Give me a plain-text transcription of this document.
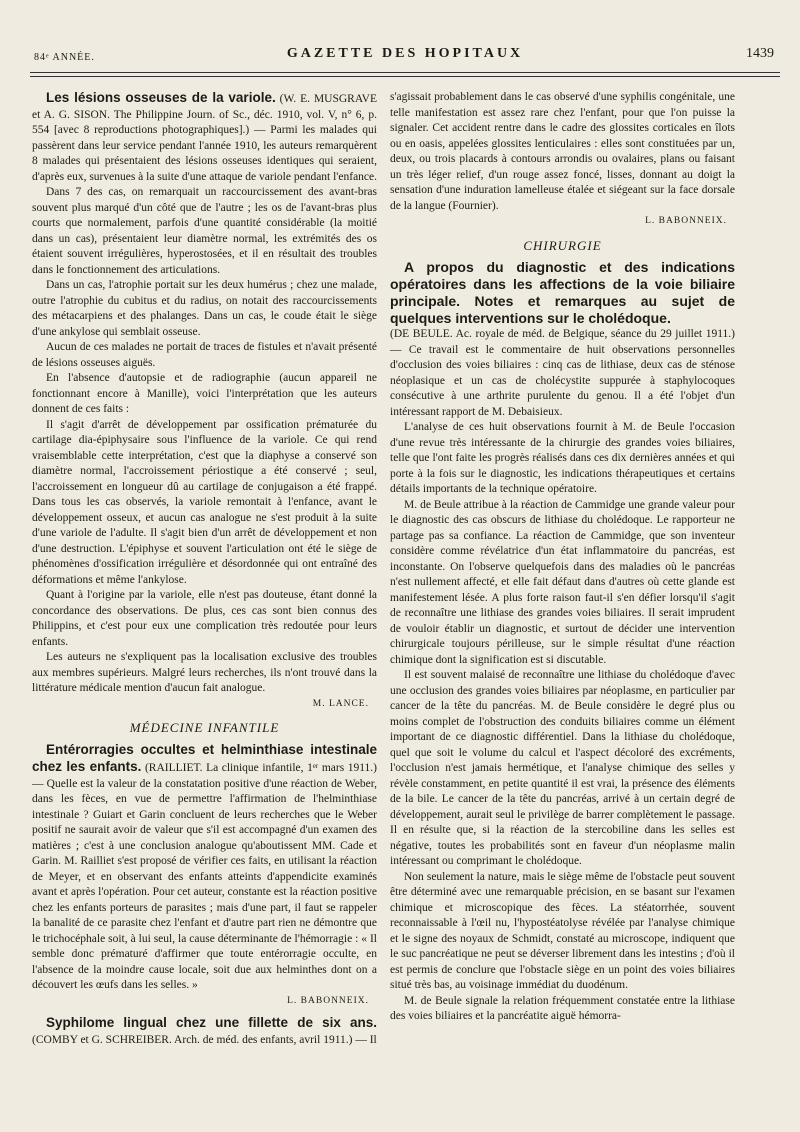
84ᵉ ANNÉE.	GAZETTE DES HOPITAUX	1439

Les lésions osseuses de la variole. (W. E. MUSGRAVE et A. G. SISON. The Philippine Journ. of Sc., déc. 1910, vol. V, n° 6, p. 554 [avec 8 reproductions photographiques].) — Parmi les malades qui passèrent dans leur service pendant l'année 1910, les auteurs remarquèrent 8 malades qui présentaient des lésions osseuses identiques qui seraient, d'après eux, survenues à la suite d'une attaque de variole pendant l'enfance.

Dans 7 des cas, on remarquait un raccourcissement des avant-bras souvent plus marqué d'un côté que de l'autre ; les os de l'avant-bras plus courts que normalement, parfois d'une quantité considérable (la moitié dans un cas), présentaient leur diamètre normal, les extrémités des os étaient souvent irrégulières, hyperostosées, et il en résultait des troubles dans le fonctionnement des articulations.

Dans un cas, l'atrophie portait sur les deux humérus ; chez une malade, outre l'atrophie du cubitus et du radius, on notait des raccourcissements des métacarpiens et des phalanges. Dans un cas, le coude était le siège d'une ankylose qui semblait osseuse.

Aucun de ces malades ne portait de traces de fistules et n'avait présenté de lésions osseuses aiguës.

En l'absence d'autopsie et de radiographie (aucun appareil ne fonctionnant encore à Manille), voici l'interprétation que les auteurs donnent de ces faits :

Il s'agit d'arrêt de développement par ossification prématurée du cartilage dia-épiphysaire sous l'influence de la variole. Ce qui rend vraisemblable cette interprétation, c'est que la diaphyse a conservé son diamètre normal, l'accroissement périostique a été conservé ; seul, l'accroissement en longueur dû au cartilage de conjugaison a été frappé. Dans tous les cas observés, la variole remontait à l'enfance, avant le développement osseux, et aucun cas analogue ne s'est produit à la suite d'une variole de l'adulte. Il s'agit bien d'un arrêt de développement et non d'une destruction. L'épiphyse et souvent l'articulation ont été le siège de phénomènes d'ossification irrégulière et désordonnée qui ont entraîné des déformations et même l'ankylose.

Quant à l'origine par la variole, elle n'est pas douteuse, étant donné la concordance des observations. De plus, ces cas sont bien connus des Philippins, et c'est pour eux une complication très redoutée pour leurs enfants.

Les auteurs ne s'expliquent pas la localisation exclusive des troubles aux membres supérieurs. Malgré leurs recherches, ils n'ont trouvé dans la littérature médicale mention d'aucun fait analogue.

M. LANCE.
MÉDECINE INFANTILE

Entérorragies occultes et helminthiase intestinale chez les enfants. (RAILLIET. La clinique infantile, 1ᵉʳ mars 1911.) — Quelle est la valeur de la constatation positive d'une réaction de Weber, dans les fèces, en vue de permettre l'affirmation de l'helminthiase intestinale ? Guiart et Garin concluent de leurs recherches que le Weber positif ne saurait avoir de valeur que s'il est accompagné d'un examen des matières ; c'est à une conclusion analogue qu'aboutissent MM. Cade et Garin. M. Railliet s'est proposé de vérifier ces faits, en utilisant la réaction de Meyer, et en observant des enfants atteints d'appendicite examinés avant et après l'opération. Pour cet auteur, constante est la réaction positive chez les enfants porteurs de parasites ; mais d'une part, il faut se rappeler la banalité de ce parasite chez l'enfant et d'autre part rien ne démontre que le trichocéphale soit, à lui seul, la cause déterminante de l'hémorragie : « Il semble donc prématuré d'affirmer que toute entérorragie occulte, en l'absence de la moindre cause locale, soit due aux helminthes dont on a découvert les œufs dans les selles. »

L. BABONNEIX.

Syphilome lingual chez une fillette de six ans. (COMBY et G. SCHREIBER. Arch. de méd. des enfants, avril 1911.) — Il

s'agissait probablement dans le cas observé d'une syphilis congénitale, une telle manifestation est assez rare chez l'enfant, pour que l'on puisse la signaler. Cet accident rentre dans le cadre des glossites corticales en îlots ou en oasis, appelées glossites lenticulaires : elles sont constituées par un, deux, ou trois placards à contours arrondis ou ovalaires, plans ou faisant un très léger relief, d'un rouge assez foncé, lisses, donnant au doigt la sensation d'une induration lamelleuse étalée et siégeant sur la face dorsale de la langue (Fournier).

L. BABONNEIX.
CHIRURGIE

A propos du diagnostic et des indications opératoires dans les affections de la voie biliaire principale. Notes et remarques au sujet de quelques interventions sur le cholédoque.

(DE BEULE. Ac. royale de méd. de Belgique, séance du 29 juillet 1911.) — Ce travail est le commentaire de huit observations personnelles d'occlusion des voies biliaires : cinq cas de lithiase, deux cas de sténose néoplasique et un cas de cholécystite suppurée à staphylocoques consécutive à une arthrite purulente du genou. Il a été l'objet d'un intéressant rapport de M. Debaisieux.

L'analyse de ces huit observations fournit à M. de Beule l'occasion d'une revue très intéressante de la chirurgie des grandes voies biliaires, telle que l'ont faite les progrès réalisés dans ces dix dernières années et qui porte à la fois sur le diagnostic, les indications thérapeutiques et certains détails importants de la technique opératoire.

M. de Beule attribue à la réaction de Cammidge une grande valeur pour le diagnostic des cas obscurs de lithiase du cholédoque. Le rapporteur ne partage pas sa confiance. La réaction de Cammidge, que son inventeur considère comme révélatrice d'un état inflammatoire du pancréas, est inconstante. On l'observe quelquefois dans des maladies où le pancréas n'est nullement affecté, et elle fait défaut dans d'autres où cette glande est manifestement lésée. A plus forte raison faut-il s'en défier lorsqu'il s'agit de reconnaître une lithiase des grandes voies biliaires. Il serait imprudent de vouloir établir un diagnostic, et surtout de décider une intervention chirurgicale toujours périlleuse, sur le simple résultat d'une réaction chimique dont la signification est si discutable.

Il est souvent malaisé de reconnaître une lithiase du cholédoque d'avec une occlusion des grandes voies biliaires par néoplasme, en particulier par cancer de la tête du pancréas. M. de Beule considère le degré plus ou moins complet de l'obstruction des conduits biliaires comme un élément important de ce diagnostic différentiel. Dans la lithiase du cholédoque, quel que soit le volume du calcul et l'aspect décoloré des excréments, l'occlusion n'est jamais hermétique, et l'analyse chimique des selles y révèle constamment, en petite quantité il est vrai, la présence des éléments de la bile. Le cancer de la tête du pancréas, arrivé à un certain degré de développement, aurait seul le privilège de barrer complètement le passage. Il en résulte que, si la réaction de la stercobiline dans les selles est négative, toutes les probabilités sont en faveur d'un néoplasme malin intéressant ou comprimant le cholédoque.

Non seulement la nature, mais le siège même de l'obstacle peut souvent être déterminé avec une remarquable précision, en se basant sur l'examen chimique et microscopique des fèces. La stéatorrhée, souvent reconnaissable à l'œil nu, l'hypostéatolyse révélée par l'analyse chimique et le signe des noyaux de Schmidt, constaté au microscope, indiquent que le suc pancréatique ne peut se déverser librement dans les intestins ; d'où il est permis de conclure que l'obstacle siège en un point des voies biliaires situé très bas, au voisinage immédiat du duodénum.

M. de Beule signale la relation fréquemment constatée entre la lithiase des voies biliaires et la pancréatite aiguë hémorra-
